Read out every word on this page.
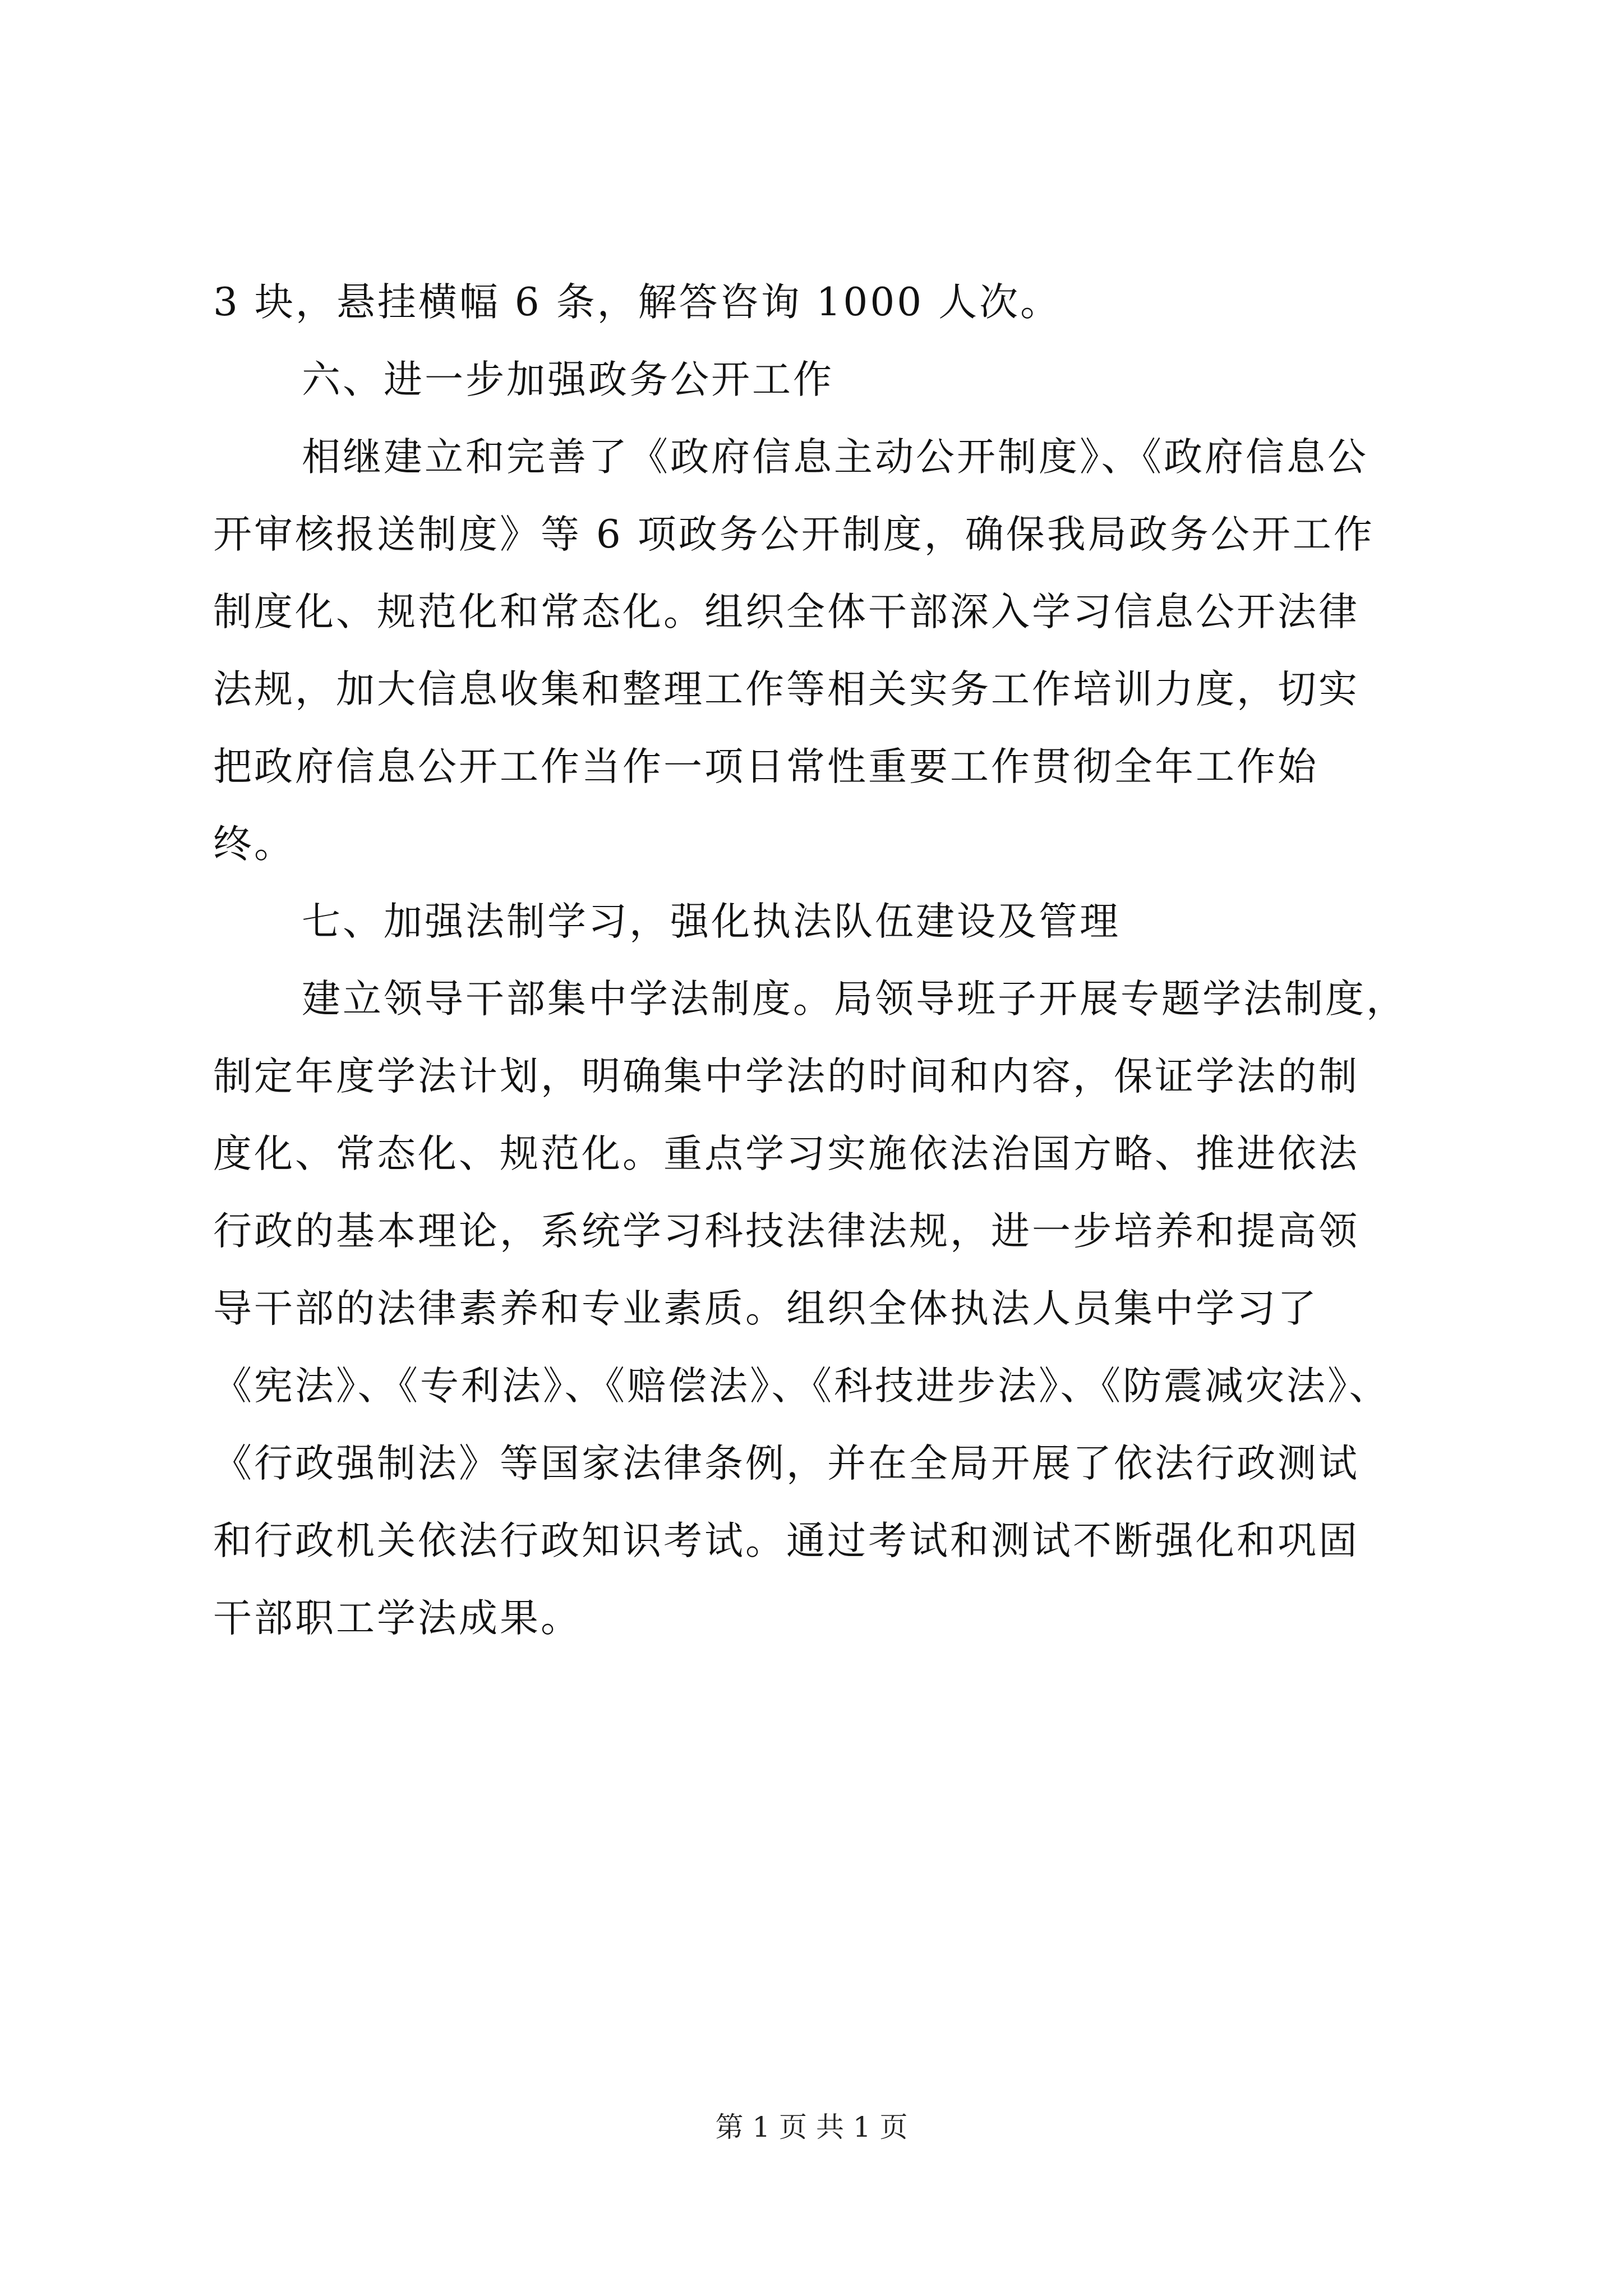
3 块，悬挂横幅 6 条，解答咨询 1000 人次。
六、进一步加强政务公开工作
相继建立和完善了《政府信息主动公开制度》、《政府信息公
开审核报送制度》等 6 项政务公开制度，确保我局政务公开工作
制度化、规范化和常态化。组织全体干部深入学习信息公开法律
法规，加大信息收集和整理工作等相关实务工作培训力度，切实
把政府信息公开工作当作一项日常性重要工作贯彻全年工作始
终。
七、加强法制学习，强化执法队伍建设及管理
建立领导干部集中学法制度。局领导班子开展专题学法制度，
制定年度学法计划，明确集中学法的时间和内容，保证学法的制
度化、常态化、规范化。重点学习实施依法治国方略、推进依法
行政的基本理论，系统学习科技法律法规，进一步培养和提高领
导干部的法律素养和专业素质。组织全体执法人员集中学习了
《宪法》、《专利法》、《赔偿法》、《科技进步法》、《防震减灾法》、
《行政强制法》等国家法律条例，并在全局开展了依法行政测试
和行政机关依法行政知识考试。通过考试和测试不断强化和巩固
干部职工学法成果。
第 1 页 共 1 页
